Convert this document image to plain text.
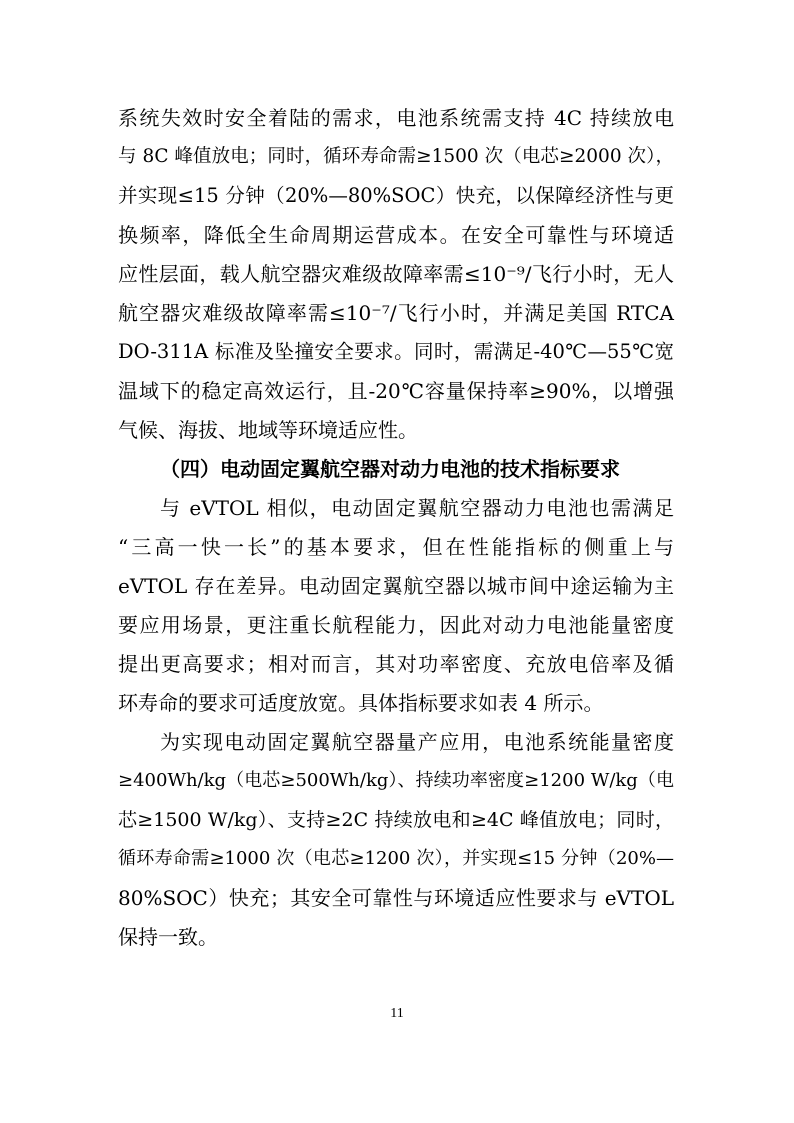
系统失效时安全着陆的需求，电池系统需支持 4C 持续放电
与 8C 峰值放电；同时，循环寿命需≥1500 次（电芯≥2000 次），
并实现≤15 分钟（20%—80%SOC）快充，以保障经济性与更
换频率，降低全生命周期运营成本。在安全可靠性与环境适
应性层面，载人航空器灾难级故障率需≤10⁻⁹/飞行小时，无人
航空器灾难级故障率需≤10⁻⁷/飞行小时，并满足美国 RTCA
DO-311A 标准及坠撞安全要求。同时，需满足-40℃—55℃宽
温域下的稳定高效运行，且-20℃容量保持率≥90%，以增强
气候、海拔、地域等环境适应性。
（四）电动固定翼航空器对动力电池的技术指标要求
与 eVTOL 相似，电动固定翼航空器动力电池也需满足
“三高一快一长”的基本要求，但在性能指标的侧重上与
eVTOL 存在差异。电动固定翼航空器以城市间中途运输为主
要应用场景，更注重长航程能力，因此对动力电池能量密度
提出更高要求；相对而言，其对功率密度、充放电倍率及循
环寿命的要求可适度放宽。具体指标要求如表 4 所示。
为实现电动固定翼航空器量产应用，电池系统能量密度
≥400Wh/kg（电芯≥500Wh/kg）、持续功率密度≥1200 W/kg（电
芯≥1500 W/kg）、支持≥2C 持续放电和≥4C 峰值放电；同时，
循环寿命需≥1000 次（电芯≥1200 次），并实现≤15 分钟（20%—
80%SOC）快充；其安全可靠性与环境适应性要求与 eVTOL
保持一致。
11
